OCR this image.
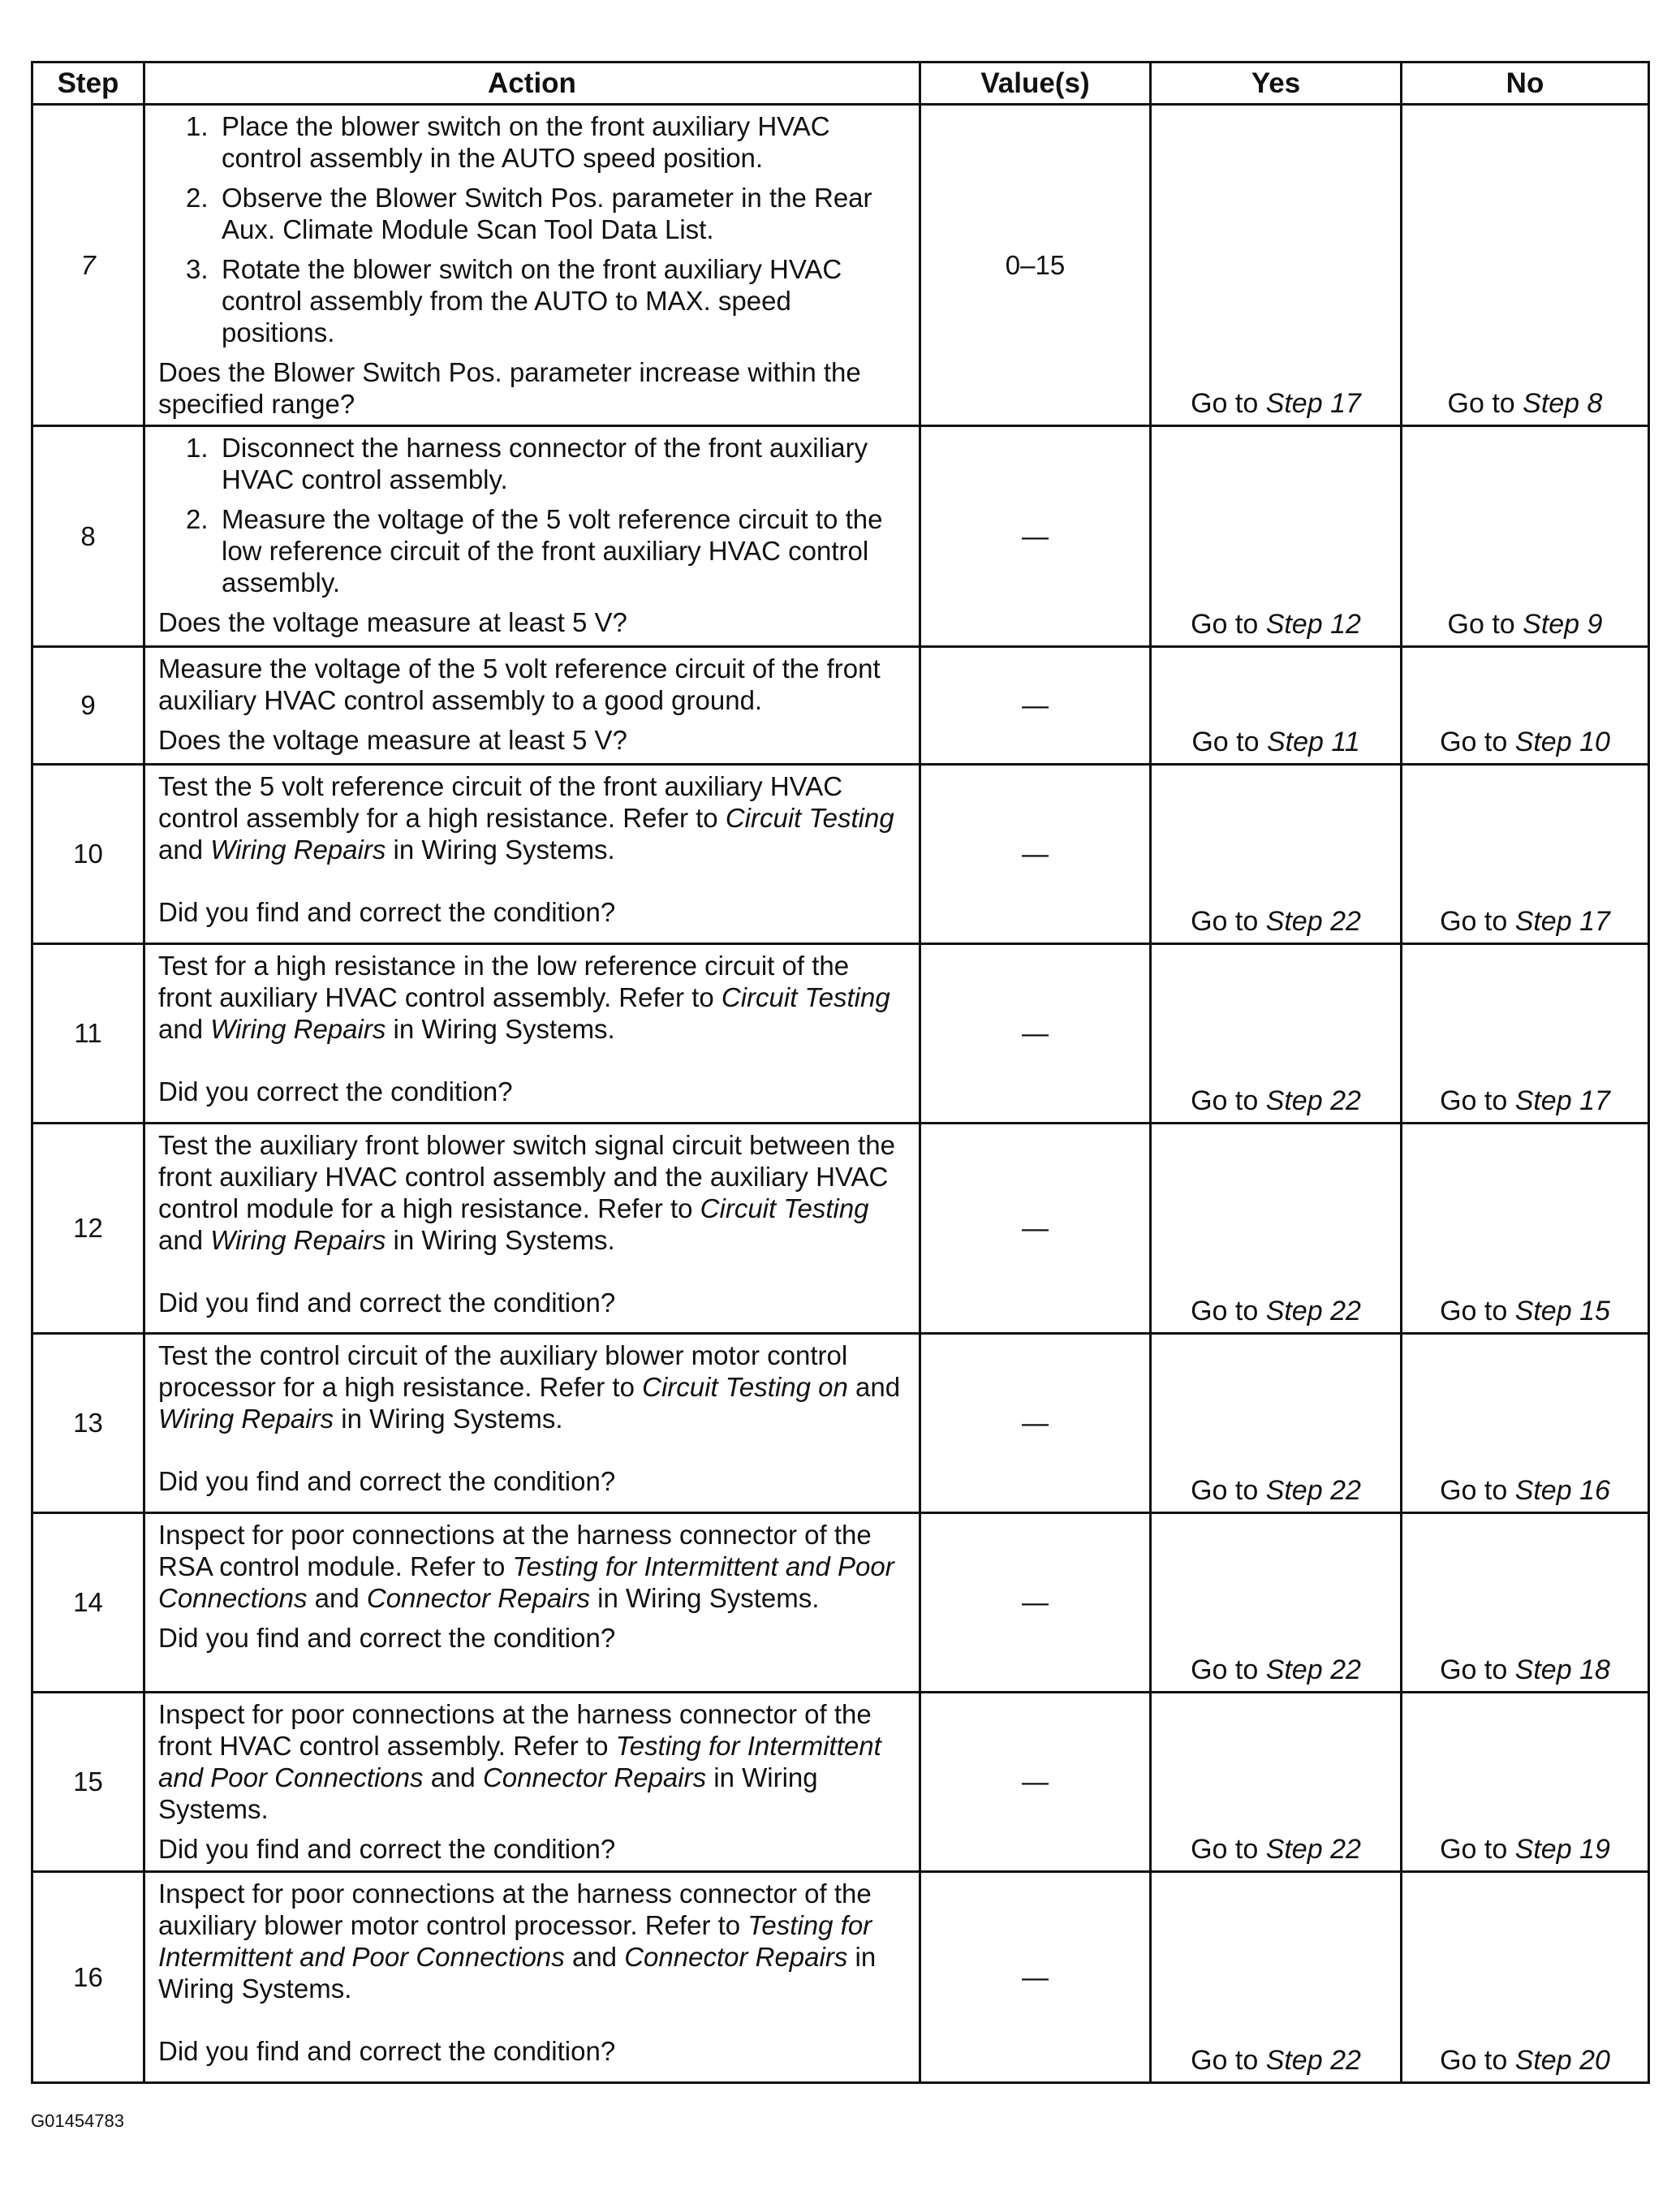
Step	Action	Value(s)	Yes	No
7	1. Place the blower switch on the front auxiliary HVAC control assembly in the AUTO speed position.
2. Observe the Blower Switch Pos. parameter in the Rear Aux. Climate Module Scan Tool Data List.
3. Rotate the blower switch on the front auxiliary HVAC control assembly from the AUTO to MAX. speed positions.
Does the Blower Switch Pos. parameter increase within the specified range?	0–15	Go to Step 17	Go to Step 8
8	1. Disconnect the harness connector of the front auxiliary HVAC control assembly.
2. Measure the voltage of the 5 volt reference circuit to the low reference circuit of the front auxiliary HVAC control assembly.
Does the voltage measure at least 5 V?	—	Go to Step 12	Go to Step 9
9	Measure the voltage of the 5 volt reference circuit of the front auxiliary HVAC control assembly to a good ground.
Does the voltage measure at least 5 V?	—	Go to Step 11	Go to Step 10
10	Test the 5 volt reference circuit of the front auxiliary HVAC control assembly for a high resistance. Refer to Circuit Testing and Wiring Repairs in Wiring Systems.
Did you find and correct the condition?	—	Go to Step 22	Go to Step 17
11	Test for a high resistance in the low reference circuit of the front auxiliary HVAC control assembly. Refer to Circuit Testing and Wiring Repairs in Wiring Systems.
Did you correct the condition?	—	Go to Step 22	Go to Step 17
12	Test the auxiliary front blower switch signal circuit between the front auxiliary HVAC control assembly and the auxiliary HVAC control module for a high resistance. Refer to Circuit Testing and Wiring Repairs in Wiring Systems.
Did you find and correct the condition?	—	Go to Step 22	Go to Step 15
13	Test the control circuit of the auxiliary blower motor control processor for a high resistance. Refer to Circuit Testing on and Wiring Repairs in Wiring Systems.
Did you find and correct the condition?	—	Go to Step 22	Go to Step 16
14	Inspect for poor connections at the harness connector of the RSA control module. Refer to Testing for Intermittent and Poor Connections and Connector Repairs in Wiring Systems.
Did you find and correct the condition?	—	Go to Step 22	Go to Step 18
15	Inspect for poor connections at the harness connector of the front HVAC control assembly. Refer to Testing for Intermittent and Poor Connections and Connector Repairs in Wiring Systems.
Did you find and correct the condition?	—	Go to Step 22	Go to Step 19
16	Inspect for poor connections at the harness connector of the auxiliary blower motor control processor. Refer to Testing for Intermittent and Poor Connections and Connector Repairs in Wiring Systems.
Did you find and correct the condition?	—	Go to Step 22	Go to Step 20
G01454783
